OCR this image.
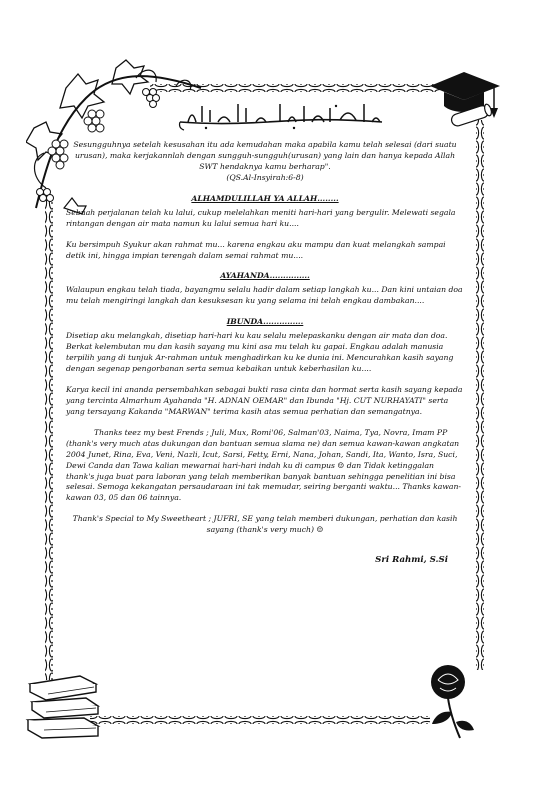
Sesungguhnya setelah kesusahan itu ada kemudahan maka apabila kamu telah selesai (dari suatu urusan), maka kerjakannlah dengan sungguh-sungguh(urusan) yang lain dan hanya kepada Allah SWT hendaknya kamu berharap".
(QS.Al-Insyirah:6-8)

ALHAMDULILLAH YA ALLAH........

Sebuah perjalanan telah ku lalui, cukup melelahkan meniti hari-hari yang bergulir. Melewati segala rintangan dengan air mata namun ku lalui semua hari ku....

Ku bersimpuh Syukur akan rahmat mu... karena engkau aku mampu dan kuat melangkah sampai detik ini, hingga impian terengah dalam semai rahmat mu....

AYAHANDA...............

Walaupun engkau telah tiada, bayangmu selalu hadir dalam setiap langkah ku... Dan kini untaian doa mu telah mengiringi langkah dan kesuksesan ku yang selama ini telah engkau dambakan....

IBUNDA...............

Disetiap aku melangkah, disetiap hari-hari ku kau selalu melepaskanku dengan air mata dan doa. Berkat kelembutan mu dan kasih sayang mu kini asa mu telah ku gapai. Engkau adalah manusia terpilih yang di tunjuk Ar-rahman untuk menghadirkan ku ke dunia ini. Mencurahkan kasih sayang dengan segenap pengorbanan serta semua kebaikan untuk keberhasilan ku....

Karya kecil ini ananda persembahkan sebagai bukti rasa cinta dan hormat serta kasih sayang kepada yang tercinta Almarhum Ayahanda "H. ADNAN OEMAR" dan Ibunda "Hj. CUT NURHAYATI" serta yang tersayang Kakanda "MARWAN" terima kasih atas semua perhatian dan semangatnya.

Thanks teez my best Frends ; Juli, Mux, Romi'06, Salman'03, Naima, Tya, Novra, Imam PP (thank's very much atas dukungan dan bantuan semua slama ne) dan semua kawan-kawan angkatan 2004 Junet, Rina, Eva, Veni, Nazli, Icut, Sarsi, Fetty, Erni, Nana, Johan, Sandi, Ita, Wanto, Isra, Suci, Dewi Canda dan Tawa kalian mewarnai hari-hari indah ku di campus ☺ dan Tidak ketinggalan thank's juga buat para laboran yang telah memberikan banyak bantuan sehingga penelitian ini bisa selesai. Semoga kekangatan persaudaraan ini tak memudar, seiring berganti waktu... Thanks kawan-kawan 03, 05 dan 06 tainnya.

Thank's Special to My Sweetheart ; JUFRI, SE yang telah memberi dukungan, perhatian dan kasih sayang (thank's very much) ☺

Sri Rahmi, S.Si
